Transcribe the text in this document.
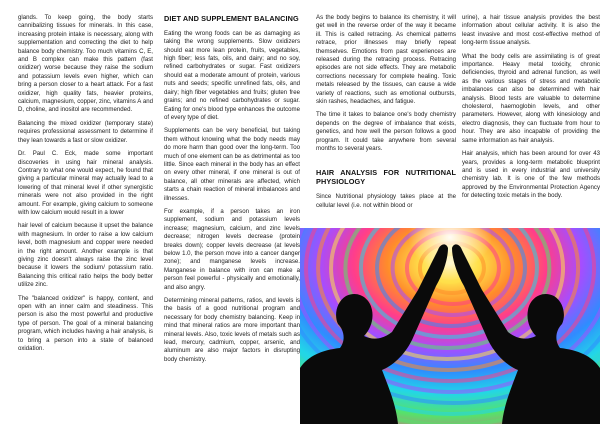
glands. To keep going, the body starts cannibalizing tissues for minerals. In this case, increasing protein intake is necessary, along with supplementation and correcting the diet to help balance body chemistry. Too much vitamins C, E, and B complex can make this pattern (fast oxidizer) worse because they raise the sodium and potassium levels even higher, which can bring a person closer to a heart attack. For a fast oxidizer, high quality fats, heavier proteins, calcium, magnesium, copper, zinc, vitamins A and D, choline, and inositol are recommended.

Balancing the mixed oxidizer (temporary state) requires professional assessment to determine if they lean towards a fast or slow oxidizer.

Dr. Paul C. Eck, made some important discoveries in using hair mineral analysis. Contrary to what one would expect, he found that giving a particular mineral may actually lead to a lowering of that mineral level if other synergistic minerals were not also provided in the right amount. For example, giving calcium to someone with low calcium would result in a lower

hair level of calcium because it upset the balance with magnesium. In order to raise a low calcium level, both magnesium and copper were needed in the right amount. Another example is that giving zinc doesn't always raise the zinc level because it lowers the sodium/ potassium ratio. Balancing this critical ratio helps the body better utilize zinc.

The "balanced oxidizer" is happy, content, and open with an inner calm and steadiness. This person is also the most powerful and productive type of person. The goal of a mineral balancing program, which includes having a hair analysis, is to bring a person into a state of balanced oxidation.

DIET AND SUPPLEMENT BALANCING

Eating the wrong foods can be as damaging as taking the wrong supplements. Slow oxidizers should eat more lean protein, fruits, vegetables, high fiber; less fats, oils, and dairy; and no soy, refined carbohydrates or sugar. Fast oxidizers should eat a moderate amount of protein, various nuts and seeds; specific unrefined fats, oils, and dairy; high fiber vegetables and fruits; gluten free grains; and no refined carbohydrates or sugar. Eating for one's blood type enhances the outcome of every type of diet.

Supplements can be very beneficial, but taking them without knowing what the body needs may do more harm than good over the long-term. Too much of one element can be as detrimental as too little. Since each mineral in the body has an effect on every other mineral, if one mineral is out of balance, all other minerals are affected, which starts a chain reaction of mineral imbalances and illnesses.

For example, if a person takes an iron supplement, sodium and potassium levels increase; magnesium, calcium, and zinc levels decrease; nitrogen levels decrease (protein breaks down); copper levels decrease (at levels below 1.0, the person move into a cancer danger zone); and manganese levels increase. Manganese in balance with iron can make a person feel powerful - physically and emotionally, and also angry.

Determining mineral patterns, ratios, and levels is the basis of a good nutritional program and necessary for body chemistry balancing. Keep in mind that mineral ratios are more important than mineral levels. Also, toxic levels of metals such as lead, mercury, cadmium, copper, arsenic, and aluminum are also major factors in disrupting body chemistry.

As the body begins to balance its chemistry, it will get well in the reverse order of the way it became ill. This is called retracing. As chemical patterns retrace, prior illnesses may briefly repeat themselves. Emotions from past experiences are released during the retracing process. Retracing episodes are not side effects. They are metabolic corrections necessary for complete healing. Toxic metals released by the tissues, can cause a wide variety of reactions, such as emotional outbursts, skin rashes, headaches, and fatigue.

The time it takes to balance one's body chemistry depends on the degree of imbalance that exists, genetics, and how well the person follows a good program. It could take anywhere from several months to several years.

HAIR ANALYSIS FOR NUTRITIONAL PHYSIOLOGY

Since Nutritional physiology takes place at the cellular level (i.e. not within blood or

urine), a hair tissue analysis provides the best information about cellular activity. It is also the least invasive and most cost-effective method of long-term tissue analysis.

What the body cells are assimilating is of great importance. Heavy metal toxicity, chronic deficiencies, thyroid and adrenal function, as well as the various stages of stress and metabolic imbalances can also be determined with hair analysis. Blood tests are valuable to determine cholesterol, haemoglobin levels, and other parameters. However, along with kinesiology and electro diagnosis, they can fluctuate from hour to hour. They are also incapable of providing the same information as hair analysis.

Hair analysis, which has been around for over 43 years, provides a long-term metabolic blueprint and is used in every industrial and university chemistry lab. It is one of the few methods approved by the Environmental Protection Agency for detecting toxic metals in the body.
